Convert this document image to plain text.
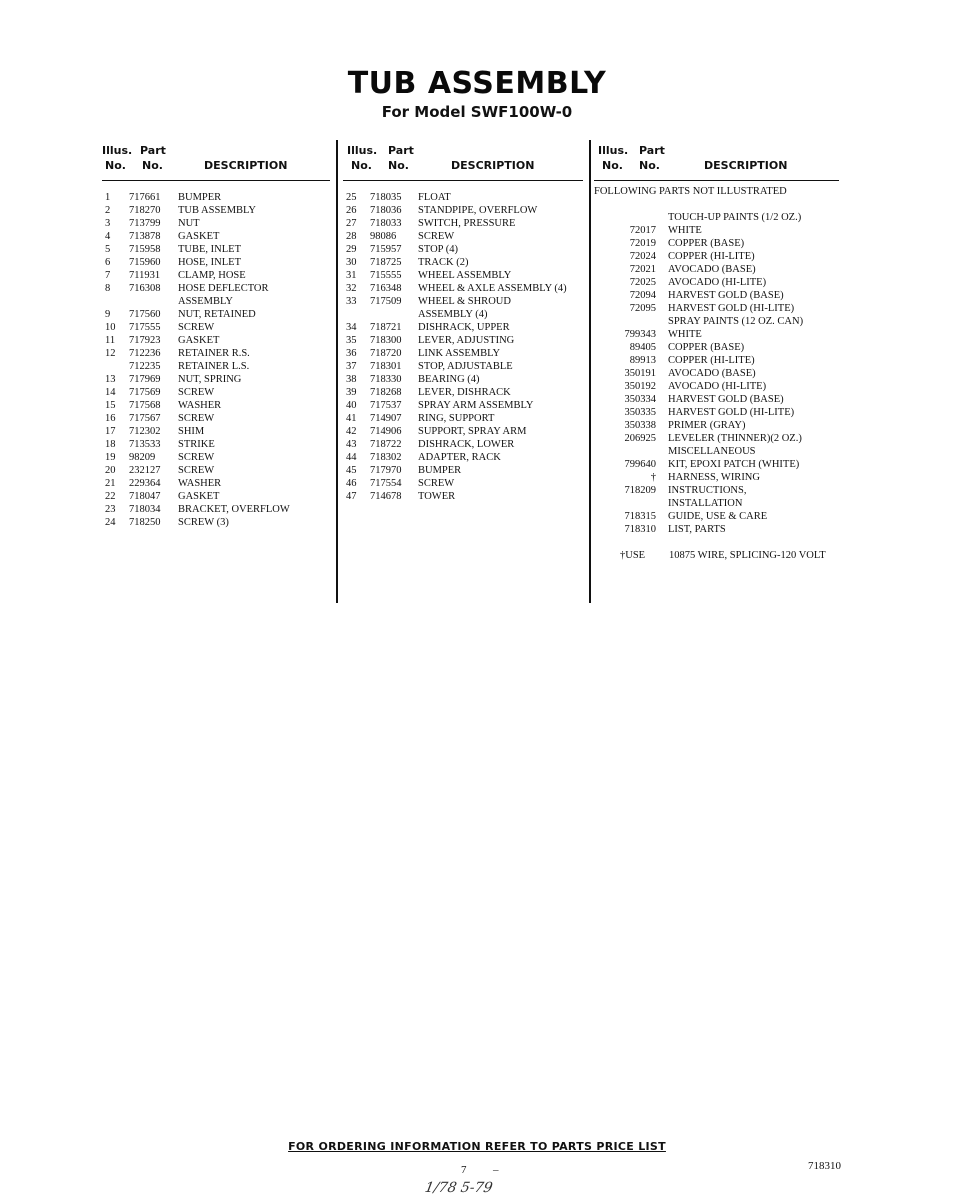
TUB ASSEMBLY
For Model SWF100W-0
Illus. Part
No. No.	DESCRIPTION
1 717661 BUMPER
2 718270 TUB ASSEMBLY
3 713799 NUT
4 713878 GASKET
5 715958 TUBE, INLET
6 715960 HOSE, INLET
7 711931 CLAMP, HOSE
8 716308 HOSE DEFLECTOR
ASSEMBLY
9 717560 NUT, RETAINED
10 717555 SCREW
11 717923 GASKET
12 712236 RETAINER R.S.
712235 RETAINER L.S.
13 717969 NUT, SPRING
14 717569 SCREW
15 717568 WASHER
16 717567 SCREW
17 712302 SHIM
18 713533 STRIKE
19 98209 SCREW
20 232127 SCREW
21 229364 WASHER
22 718047 GASKET
23 718034 BRACKET, OVERFLOW
24 718250 SCREW (3)
Illus. Part
No. No.	DESCRIPTION
25 718035 FLOAT
26 718036 STANDPIPE, OVERFLOW
27 718033 SWITCH, PRESSURE
28 98086 SCREW
29 715957 STOP (4)
30 718725 TRACK (2)
31 715555 WHEEL ASSEMBLY
32 716348 WHEEL & AXLE ASSEMBLY (4)
33 717509 WHEEL & SHROUD
ASSEMBLY (4)
34 718721 DISHRACK, UPPER
35 718300 LEVER, ADJUSTING
36 718720 LINK ASSEMBLY
37 718301 STOP, ADJUSTABLE
38 718330 BEARING (4)
39 718268 LEVER, DISHRACK
40 717537 SPRAY ARM ASSEMBLY
41 714907 RING, SUPPORT
42 714906 SUPPORT, SPRAY ARM
43 718722 DISHRACK, LOWER
44 718302 ADAPTER, RACK
45 717970 BUMPER
46 717554 SCREW
47 714678 TOWER
Illus. Part
No. No.	DESCRIPTION
FOLLOWING PARTS NOT ILLUSTRATED
TOUCH-UP PAINTS (1/2 OZ.)
72017 WHITE
72019 COPPER (BASE)
72024 COPPER (HI-LITE)
72021 AVOCADO (BASE)
72025 AVOCADO (HI-LITE)
72094 HARVEST GOLD (BASE)
72095 HARVEST GOLD (HI-LITE)
SPRAY PAINTS (12 OZ. CAN)
799343 WHITE
89405 COPPER (BASE)
89913 COPPER (HI-LITE)
350191 AVOCADO (BASE)
350192 AVOCADO (HI-LITE)
350334 HARVEST GOLD (BASE)
350335 HARVEST GOLD (HI-LITE)
350338 PRIMER (GRAY)
206925 LEVELER (THINNER)(2 OZ.)
MISCELLANEOUS
799640 KIT, EPOXI PATCH (WHITE)
† HARNESS, WIRING
718209 INSTRUCTIONS,
INSTALLATION
718315 GUIDE, USE & CARE
718310 LIST, PARTS
†USE 10875 WIRE, SPLICING-120 VOLT
FOR ORDERING INFORMATION REFER TO PARTS PRICE LIST
7 –	718310
1/78 5-79
